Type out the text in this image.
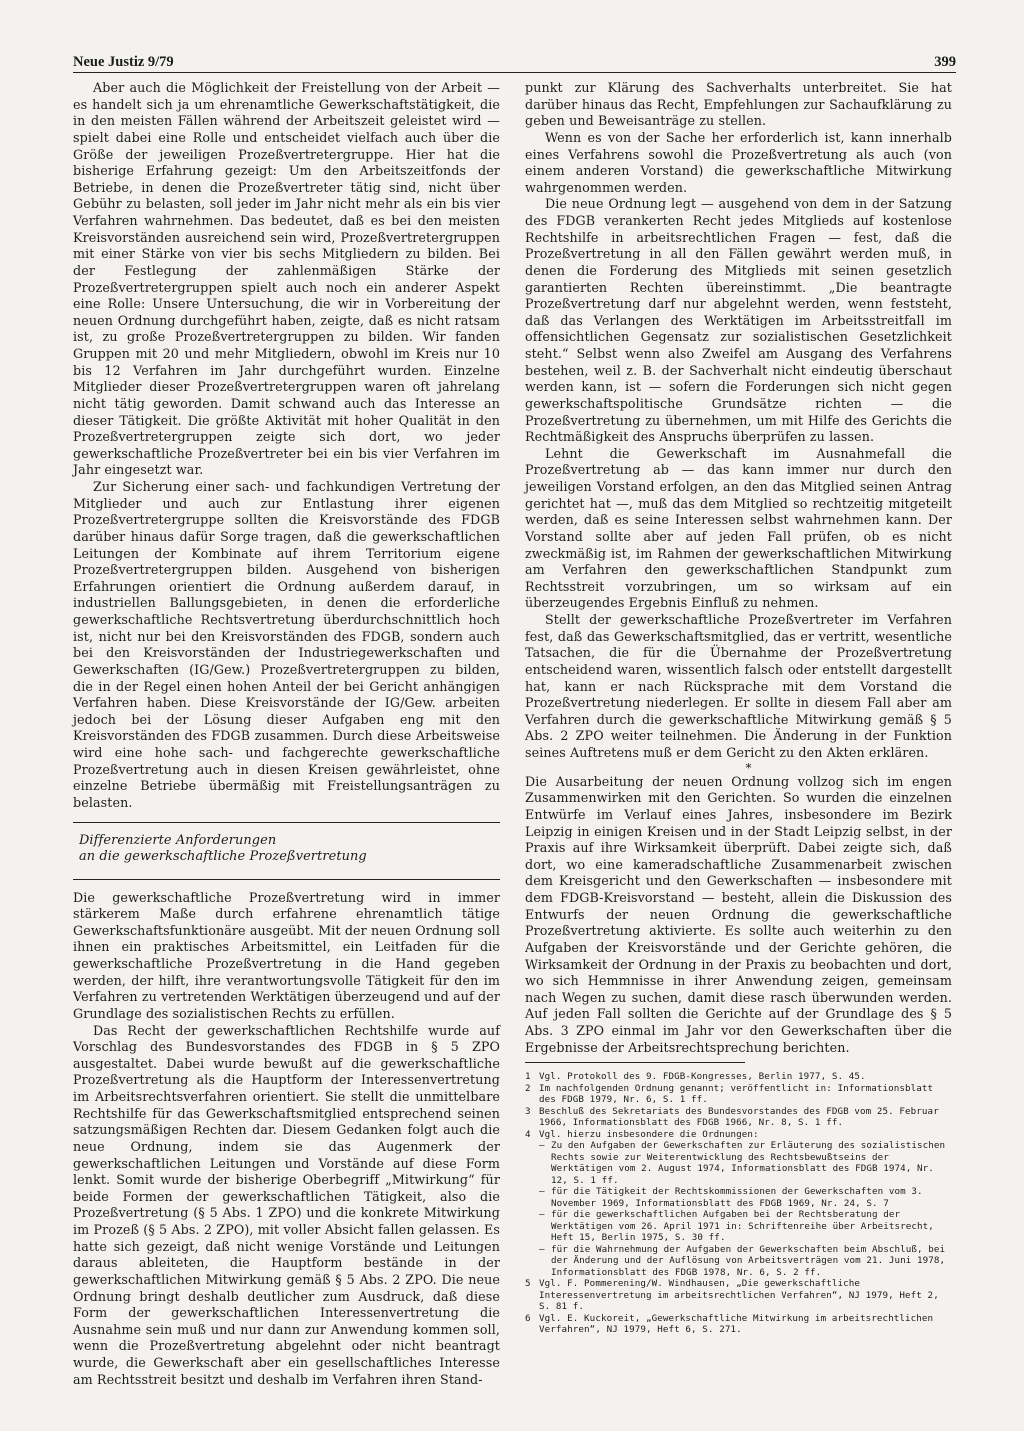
Neue Justiz 9/79	399

Aber auch die Möglichkeit der Freistellung von der Arbeit — es handelt sich ja um ehrenamtliche Gewerkschaftstätigkeit, die in den meisten Fällen während der Arbeitszeit geleistet wird — spielt dabei eine Rolle und entscheidet vielfach auch über die Größe der jeweiligen Prozeßvertretergruppe. Hier hat die bisherige Erfahrung gezeigt: Um den Arbeitszeitfonds der Betriebe, in denen die Prozeßvertreter tätig sind, nicht über Gebühr zu belasten, soll jeder im Jahr nicht mehr als ein bis vier Verfahren wahrnehmen. Das bedeutet, daß es bei den meisten Kreisvorständen ausreichend sein wird, Prozeßvertretergruppen mit einer Stärke von vier bis sechs Mitgliedern zu bilden. Bei der Festlegung der zahlenmäßigen Stärke der Prozeßvertretergruppen spielt auch noch ein anderer Aspekt eine Rolle: Unsere Untersuchung, die wir in Vorbereitung der neuen Ordnung durchgeführt haben, zeigte, daß es nicht ratsam ist, zu große Prozeßvertretergruppen zu bilden. Wir fanden Gruppen mit 20 und mehr Mitgliedern, obwohl im Kreis nur 10 bis 12 Verfahren im Jahr durchgeführt wurden. Einzelne Mitglieder dieser Prozeßvertretergruppen waren oft jahrelang nicht tätig geworden. Damit schwand auch das Interesse an dieser Tätigkeit. Die größte Aktivität mit hoher Qualität in den Prozeßvertretergruppen zeigte sich dort, wo jeder gewerkschaftliche Prozeßvertreter bei ein bis vier Verfahren im Jahr eingesetzt war.

Zur Sicherung einer sach- und fachkundigen Vertretung der Mitglieder und auch zur Entlastung ihrer eigenen Prozeßvertretergruppe sollten die Kreisvorstände des FDGB darüber hinaus dafür Sorge tragen, daß die gewerkschaftlichen Leitungen der Kombinate auf ihrem Territorium eigene Prozeßvertretergruppen bilden. Ausgehend von bisherigen Erfahrungen orientiert die Ordnung außerdem darauf, in industriellen Ballungsgebieten, in denen die erforderliche gewerkschaftliche Rechtsvertretung überdurchschnittlich hoch ist, nicht nur bei den Kreisvorständen des FDGB, sondern auch bei den Kreisvorständen der Industriegewerkschaften und Gewerkschaften (IG/Gew.) Prozeßvertretergruppen zu bilden, die in der Regel einen hohen Anteil der bei Gericht anhängigen Verfahren haben. Diese Kreisvorstände der IG/Gew. arbeiten jedoch bei der Lösung dieser Aufgaben eng mit den Kreisvorständen des FDGB zusammen. Durch diese Arbeitsweise wird eine hohe sach- und fachgerechte gewerkschaftliche Prozeßvertretung auch in diesen Kreisen gewährleistet, ohne einzelne Betriebe übermäßig mit Freistellungsanträgen zu belasten.

Differenzierte Anforderungen
an die gewerkschaftliche Prozeßvertretung

Die gewerkschaftliche Prozeßvertretung wird in immer stärkerem Maße durch erfahrene ehrenamtlich tätige Gewerkschaftsfunktionäre ausgeübt. Mit der neuen Ordnung soll ihnen ein praktisches Arbeitsmittel, ein Leitfaden für die gewerkschaftliche Prozeßvertretung in die Hand gegeben werden, der hilft, ihre verantwortungsvolle Tätigkeit für den im Verfahren zu vertretenden Werktätigen überzeugend und auf der Grundlage des sozialistischen Rechts zu erfüllen.

Das Recht der gewerkschaftlichen Rechtshilfe wurde auf Vorschlag des Bundesvorstandes des FDGB in § 5 ZPO ausgestaltet. Dabei wurde bewußt auf die gewerkschaftliche Prozeßvertretung als die Hauptform der Interessenvertretung im Arbeitsrechtsverfahren orientiert. Sie stellt die unmittelbare Rechtshilfe für das Gewerkschaftsmitglied entsprechend seinen satzungsmäßigen Rechten dar. Diesem Gedanken folgt auch die neue Ordnung, indem sie das Augenmerk der gewerkschaftlichen Leitungen und Vorstände auf diese Form lenkt. Somit wurde der bisherige Oberbegriff „Mitwirkung“ für beide Formen der gewerkschaftlichen Tätigkeit, also die Prozeßvertretung (§ 5 Abs. 1 ZPO) und die konkrete Mitwirkung im Prozeß (§ 5 Abs. 2 ZPO), mit voller Absicht fallen gelassen. Es hatte sich gezeigt, daß nicht wenige Vorstände und Leitungen daraus ableiteten, die Hauptform bestände in der gewerkschaftlichen Mitwirkung gemäß § 5 Abs. 2 ZPO. Die neue Ordnung bringt deshalb deutlicher zum Ausdruck, daß diese Form der gewerkschaftlichen Interessenvertretung die Ausnahme sein muß und nur dann zur Anwendung kommen soll, wenn die Prozeßvertretung abgelehnt oder nicht beantragt wurde, die Gewerkschaft aber ein gesellschaftliches Interesse am Rechtsstreit besitzt und deshalb im Verfahren ihren Stand-

punkt zur Klärung des Sachverhalts unterbreitet. Sie hat darüber hinaus das Recht, Empfehlungen zur Sachaufklärung zu geben und Beweisanträge zu stellen.

Wenn es von der Sache her erforderlich ist, kann innerhalb eines Verfahrens sowohl die Prozeßvertretung als auch (von einem anderen Vorstand) die gewerkschaftliche Mitwirkung wahrgenommen werden.

Die neue Ordnung legt — ausgehend von dem in der Satzung des FDGB verankerten Recht jedes Mitglieds auf kostenlose Rechtshilfe in arbeitsrechtlichen Fragen — fest, daß die Prozeßvertretung in all den Fällen gewährt werden muß, in denen die Forderung des Mitglieds mit seinen gesetzlich garantierten Rechten übereinstimmt. „Die beantragte Prozeßvertretung darf nur abgelehnt werden, wenn feststeht, daß das Verlangen des Werktätigen im Arbeitsstreitfall im offensichtlichen Gegensatz zur sozialistischen Gesetzlichkeit steht.“ Selbst wenn also Zweifel am Ausgang des Verfahrens bestehen, weil z. B. der Sachverhalt nicht eindeutig überschaut werden kann, ist — sofern die Forderungen sich nicht gegen gewerkschaftspolitische Grundsätze richten — die Prozeßvertretung zu übernehmen, um mit Hilfe des Gerichts die Rechtmäßigkeit des Anspruchs überprüfen zu lassen.

Lehnt die Gewerkschaft im Ausnahmefall die Prozeßvertretung ab — das kann immer nur durch den jeweiligen Vorstand erfolgen, an den das Mitglied seinen Antrag gerichtet hat —, muß das dem Mitglied so rechtzeitig mitgeteilt werden, daß es seine Interessen selbst wahrnehmen kann. Der Vorstand sollte aber auf jeden Fall prüfen, ob es nicht zweckmäßig ist, im Rahmen der gewerkschaftlichen Mitwirkung am Verfahren den gewerkschaftlichen Standpunkt zum Rechtsstreit vorzubringen, um so wirksam auf ein überzeugendes Ergebnis Einfluß zu nehmen.

Stellt der gewerkschaftliche Prozeßvertreter im Verfahren fest, daß das Gewerkschaftsmitglied, das er vertritt, wesentliche Tatsachen, die für die Übernahme der Prozeßvertretung entscheidend waren, wissentlich falsch oder entstellt dargestellt hat, kann er nach Rücksprache mit dem Vorstand die Prozeßvertretung niederlegen. Er sollte in diesem Fall aber am Verfahren durch die gewerkschaftliche Mitwirkung gemäß § 5 Abs. 2 ZPO weiter teilnehmen. Die Änderung in der Funktion seines Auftretens muß er dem Gericht zu den Akten erklären.

*

Die Ausarbeitung der neuen Ordnung vollzog sich im engen Zusammenwirken mit den Gerichten. So wurden die einzelnen Entwürfe im Verlauf eines Jahres, insbesondere im Bezirk Leipzig in einigen Kreisen und in der Stadt Leipzig selbst, in der Praxis auf ihre Wirksamkeit überprüft. Dabei zeigte sich, daß dort, wo eine kameradschaftliche Zusammenarbeit zwischen dem Kreisgericht und den Gewerkschaften — insbesondere mit dem FDGB-Kreisvorstand — besteht, allein die Diskussion des Entwurfs der neuen Ordnung die gewerkschaftliche Prozeßvertretung aktivierte. Es sollte auch weiterhin zu den Aufgaben der Kreisvorstände und der Gerichte gehören, die Wirksamkeit der Ordnung in der Praxis zu beobachten und dort, wo sich Hemmnisse in ihrer Anwendung zeigen, gemeinsam nach Wegen zu suchen, damit diese rasch überwunden werden. Auf jeden Fall sollten die Gerichte auf der Grundlage des § 5 Abs. 3 ZPO einmal im Jahr vor den Gewerkschaften über die Ergebnisse der Arbeitsrechtsprechung berichten.

1 Vgl. Protokoll des 9. FDGB-Kongresses, Berlin 1977, S. 45.
2 Im nachfolgenden Ordnung genannt; veröffentlicht in: Informationsblatt des FDGB 1979, Nr. 6, S. 1 ff.
3 Beschluß des Sekretariats des Bundesvorstandes des FDGB vom 25. Februar 1966, Informationsblatt des FDGB 1966, Nr. 8, S. 1 ff.
4 Vgl. hierzu insbesondere die Ordnungen:
– Zu den Aufgaben der Gewerkschaften zur Erläuterung des sozialistischen Rechts sowie zur Weiterentwicklung des Rechtsbewußtseins der Werktätigen vom 2. August 1974, Informationsblatt des FDGB 1974, Nr. 12, S. 1 ff.
– für die Tätigkeit der Rechtskommissionen der Gewerkschaften vom 3. November 1969, Informationsblatt des FDGB 1969, Nr. 24, S. 7
– für die gewerkschaftlichen Aufgaben bei der Rechtsberatung der Werktätigen vom 26. April 1971 in: Schriftenreihe über Arbeitsrecht, Heft 15, Berlin 1975, S. 30 ff.
– für die Wahrnehmung der Aufgaben der Gewerkschaften beim Abschluß, bei der Änderung und der Auflösung von Arbeitsverträgen vom 21. Juni 1978, Informationsblatt des FDGB 1978, Nr. 6, S. 2 ff.
5 Vgl. F. Pommerening/W. Windhausen, „Die gewerkschaftliche Interessenvertretung im arbeitsrechtlichen Verfahren“, NJ 1979, Heft 2, S. 81 f.
6 Vgl. E. Kuckoreit, „Gewerkschaftliche Mitwirkung im arbeitsrechtlichen Verfahren“, NJ 1979, Heft 6, S. 271.
